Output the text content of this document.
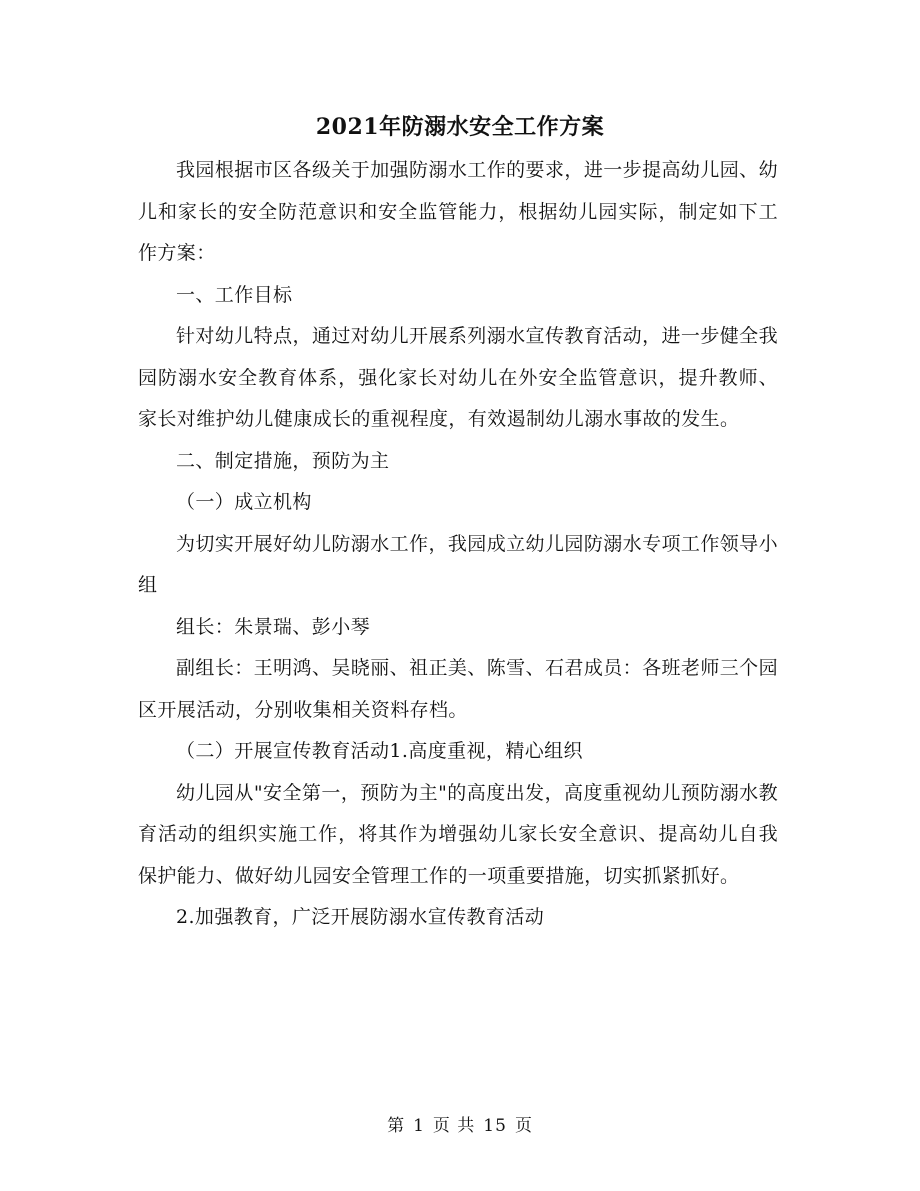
2021年防溺水安全工作方案

我园根据市区各级关于加强防溺水工作的要求，进一步提高幼儿园、幼儿和家长的安全防范意识和安全监管能力，根据幼儿园实际，制定如下工作方案：

一、工作目标

针对幼儿特点，通过对幼儿开展系列溺水宣传教育活动，进一步健全我园防溺水安全教育体系，强化家长对幼儿在外安全监管意识，提升教师、家长对维护幼儿健康成长的重视程度，有效遏制幼儿溺水事故的发生。

二、制定措施，预防为主

（一）成立机构

为切实开展好幼儿防溺水工作，我园成立幼儿园防溺水专项工作领导小组

组长：朱景瑞、彭小琴

副组长：王明鸿、吴晓丽、祖正美、陈雪、石君成员：各班老师三个园区开展活动，分别收集相关资料存档。

（二）开展宣传教育活动1.高度重视，精心组织

幼儿园从"安全第一，预防为主"的高度出发，高度重视幼儿预防溺水教育活动的组织实施工作，将其作为增强幼儿家长安全意识、提高幼儿自我保护能力、做好幼儿园安全管理工作的一项重要措施，切实抓紧抓好。

2.加强教育，广泛开展防溺水宣传教育活动

第 1 页 共 15 页
